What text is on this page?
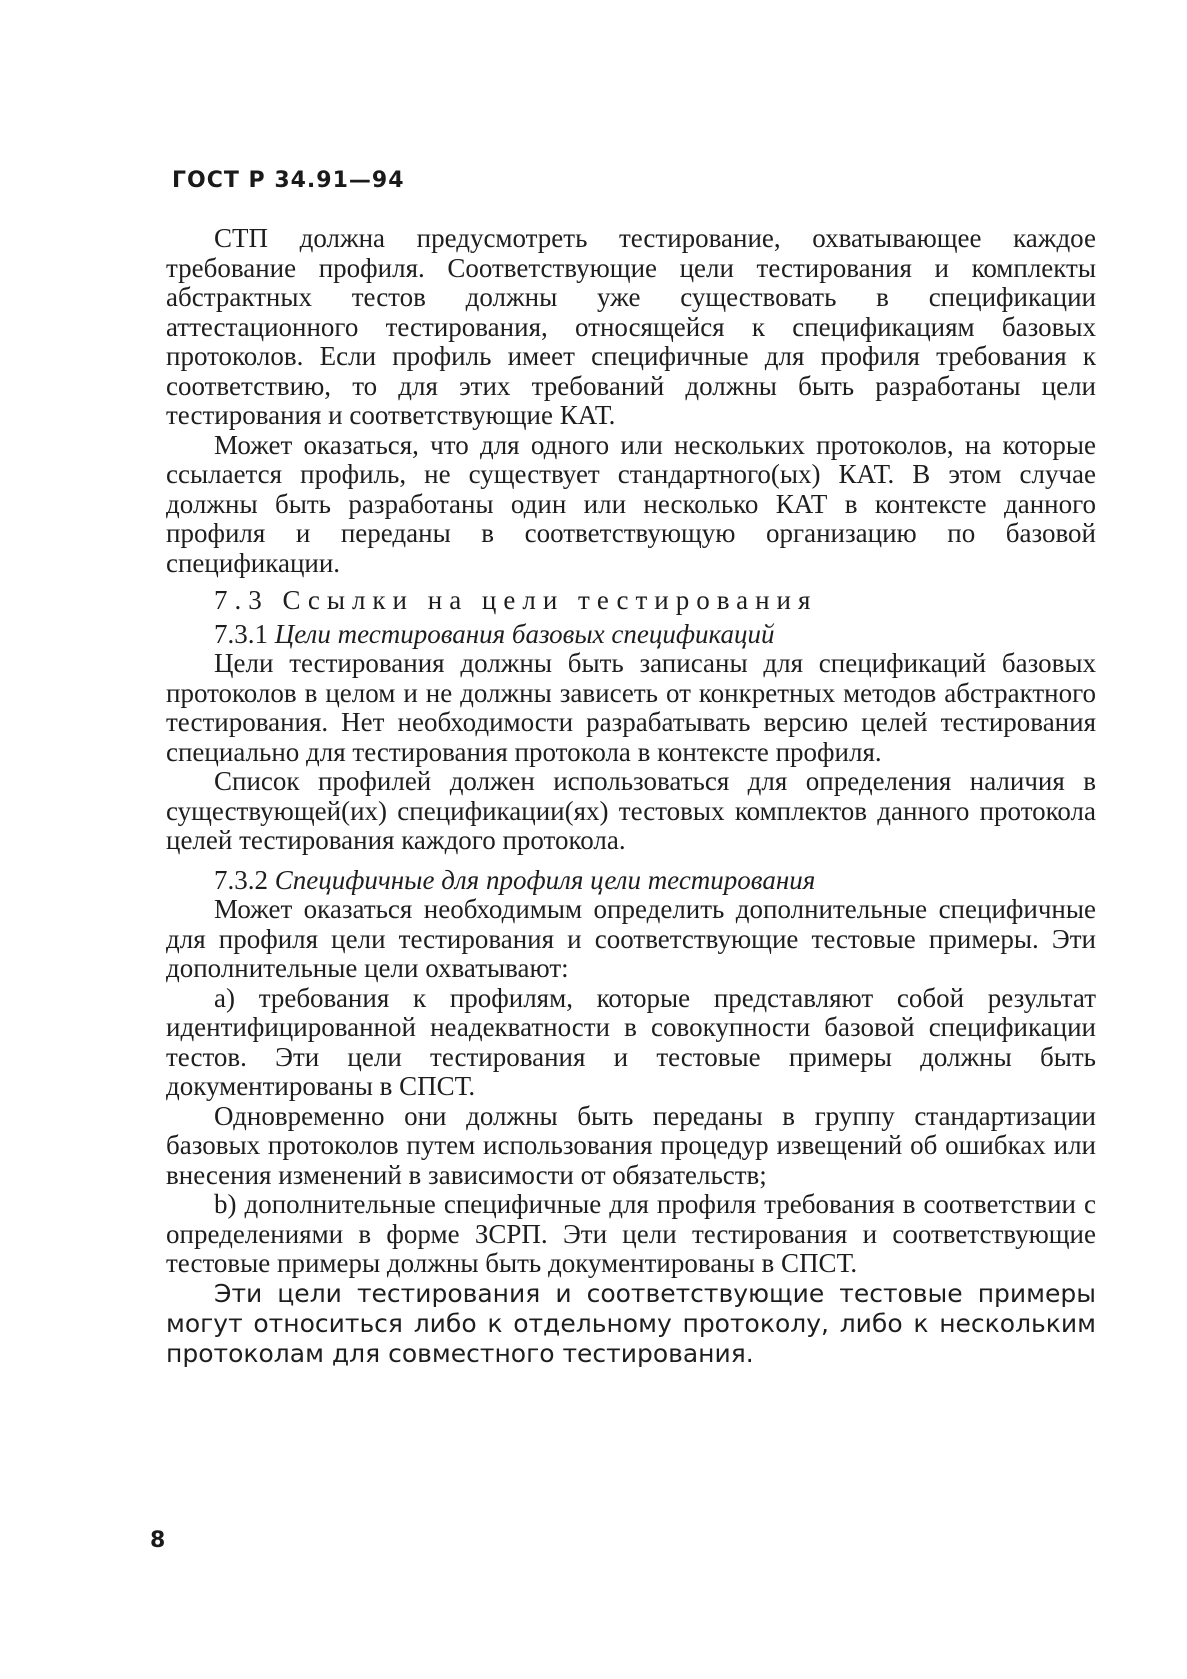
ГОСТ Р 34.91—94

СТП должна предусмотреть тестирование, охватывающее каждое требование профиля. Соответствующие цели тестирования и комплекты абстрактных тестов должны уже существовать в спецификации аттестационного тестирования, относящейся к спецификациям базовых протоколов. Если профиль имеет специфичные для профиля требования к соответствию, то для этих требований должны быть разработаны цели тестирования и соответствующие КАТ.

Может оказаться, что для одного или нескольких протоколов, на которые ссылается профиль, не существует стандартного(ых) КАТ. В этом случае должны быть разработаны один или несколько КАТ в контексте данного профиля и переданы в соответствующую организацию по базовой спецификации.

7.3 Ссылки на цели тестирования

7.3.1 Цели тестирования базовых спецификаций

Цели тестирования должны быть записаны для спецификаций базовых протоколов в целом и не должны зависеть от конкретных методов абстрактного тестирования. Нет необходимости разрабатывать версию целей тестирования специально для тестирования протокола в контексте профиля.

Список профилей должен использоваться для определения наличия в существующей(их) спецификации(ях) тестовых комплектов данного протокола целей тестирования каждого протокола.

7.3.2 Специфичные для профиля цели тестирования

Может оказаться необходимым определить дополнительные специфичные для профиля цели тестирования и соответствующие тестовые примеры. Эти дополнительные цели охватывают:

а) требования к профилям, которые представляют собой результат идентифицированной неадекватности в совокупности базовой спецификации тестов. Эти цели тестирования и тестовые примеры должны быть документированы в СПСТ.

Одновременно они должны быть переданы в группу стандартизации базовых протоколов путем использования процедур извещений об ошибках или внесения изменений в зависимости от обязательств;

b) дополнительные специфичные для профиля требования в соответствии с определениями в форме ЗСРП. Эти цели тестирования и соответствующие тестовые примеры должны быть документированы в СПСТ.

Эти цели тестирования и соответствующие тестовые примеры могут относиться либо к отдельному протоколу, либо к нескольким протоколам для совместного тестирования.

8
